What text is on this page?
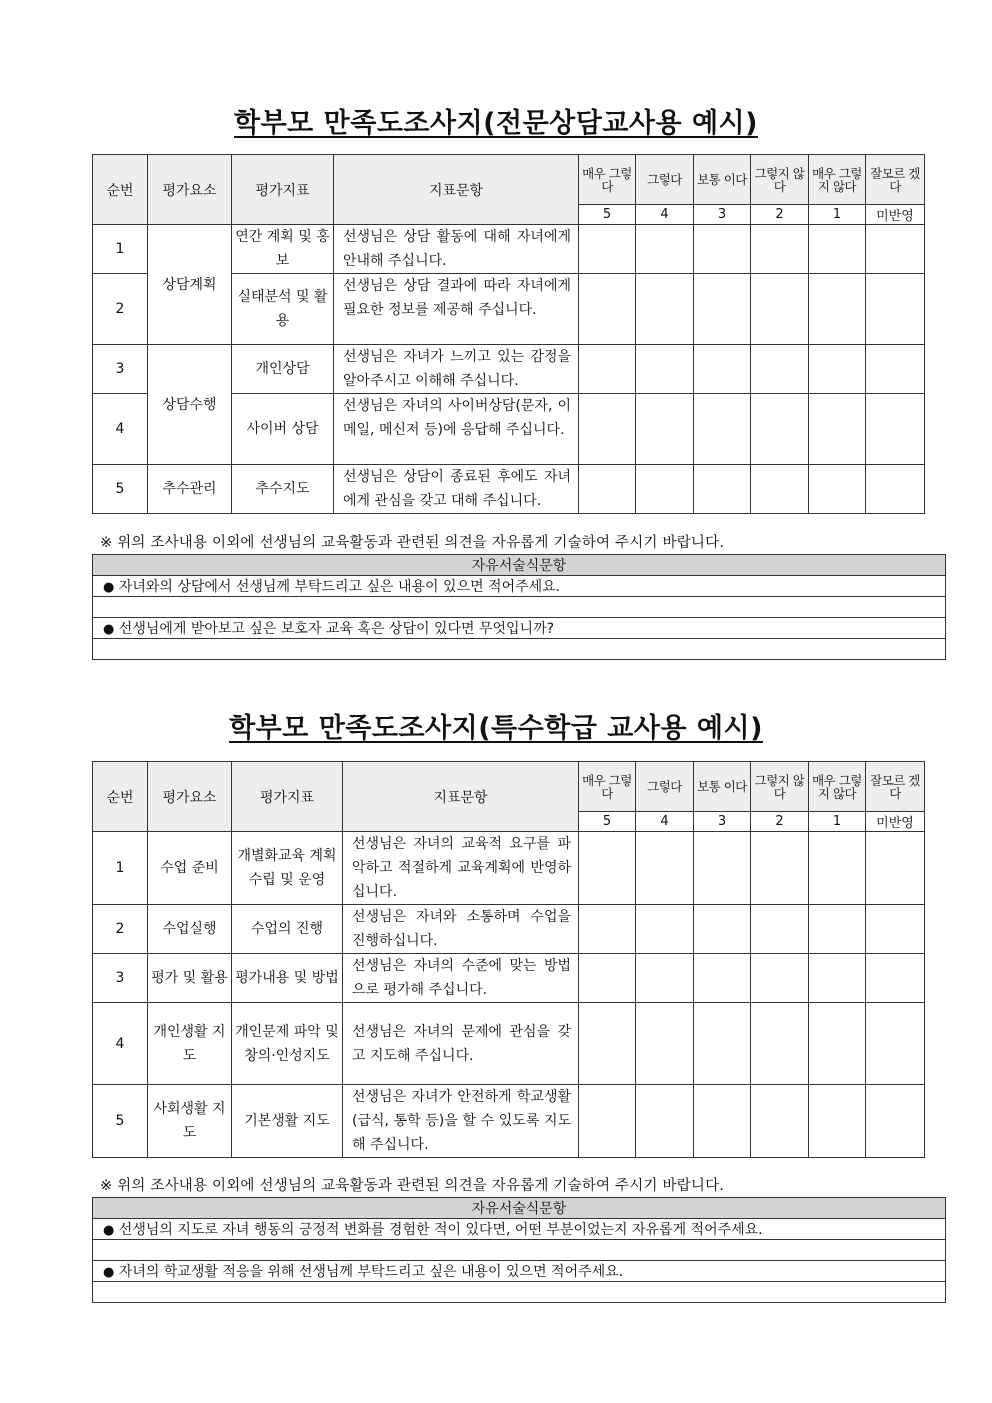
학부모 만족도조사지(전문상담교사용 예시)
순번	평가요소	평가지표	지표문항	매우 그렇다	그렇다	보통 이다	그렇지 않다	매우 그렇지 않다	잘모르 겠다
				5	4	3	2	1	미반영
1	상담계획	연간 계획 및 홍보	선생님은 상담 활동에 대해 자녀에게 안내해 주십니다.						
2		실태분석 및 활용	선생님은 상담 결과에 따라 자녀에게 필요한 정보를 제공해 주십니다.						
3	상담수행	개인상담	선생님은 자녀가 느끼고 있는 감정을 알아주시고 이해해 주십니다.						
4		사이버 상담	선생님은 자녀의 사이버상담(문자, 이메일, 메신저 등)에 응답해 주십니다.						
5	추수관리	추수지도	선생님은 상담이 종료된 후에도 자녀에게 관심을 갖고 대해 주십니다.						
※ 위의 조사내용 이외에 선생님의 교육활동과 관련된 의견을 자유롭게 기술하여 주시기 바랍니다.
자유서술식문항
● 자녀와의 상담에서 선생님께 부탁드리고 싶은 내용이 있으면 적어주세요.

● 선생님에게 받아보고 싶은 보호자 교육 혹은 상담이 있다면 무엇입니까?

학부모 만족도조사지(특수학급 교사용 예시)
순번	평가요소	평가지표	지표문항	매우 그렇다	그렇다	보통 이다	그렇지 않다	매우 그렇지 않다	잘모르 겠다
				5	4	3	2	1	미반영
1	수업 준비	개별화교육 계획 수립 및 운영	선생님은 자녀의 교육적 요구를 파악하고 적절하게 교육계획에 반영하십니다.						
2	수업실행	수업의 진행	선생님은 자녀와 소통하며 수업을 진행하십니다.						
3	평가 및 활용	평가내용 및 방법	선생님은 자녀의 수준에 맞는 방법으로 평가해 주십니다.						
4	개인생활 지도	개인문제 파악 및 창의·인성지도	선생님은 자녀의 문제에 관심을 갖고 지도해 주십니다.						
5	사회생활 지도	기본생활 지도	선생님은 자녀가 안전하게 학교생활(급식, 통학 등)을 할 수 있도록 지도해 주십니다.						
※ 위의 조사내용 이외에 선생님의 교육활동과 관련된 의견을 자유롭게 기술하여 주시기 바랍니다.
자유서술식문항
● 선생님의 지도로 자녀 행동의 긍정적 변화를 경험한 적이 있다면, 어떤 부분이었는지 자유롭게 적어주세요.

● 자녀의 학교생활 적응을 위해 선생님께 부탁드리고 싶은 내용이 있으면 적어주세요.
